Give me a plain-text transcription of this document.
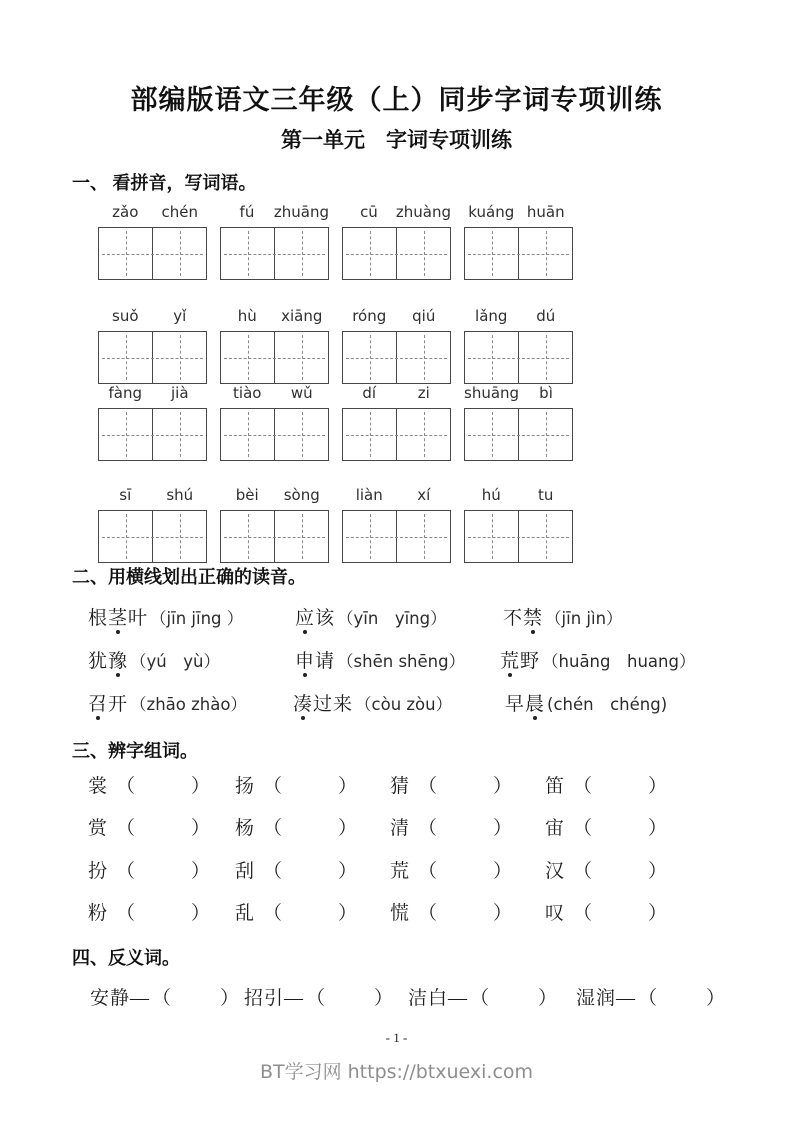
部编版语文三年级（上）同步字词专项训练
第一单元　字词专项训练
一、 看拼音，写词语。
zǎo	chén	fú	zhuāng	cū	zhuàng kuáng huān
suǒ	yǐ	hù	xiāng	róng	qiú	lǎng	dú
fàng	jià	tiào	wǔ	dí	zi	shuāng	bì
sī	shú	bèi	sòng	liàn	xí	hú	tu
二、用横线划出正确的读音。
根茎叶 （jīn jīng ）	应该 （yīn　yīng）	不禁 （jīn jìn）
犹豫 （yú　yù）	申请 （shēn shēng） 荒野 （huāng　huang）
召开 （zhāo zhào） 凑过来 （còu zòu）	早晨 (chén　chéng)
三、辨字组词。
裳 （	） 扬 （	） 猜 （	） 笛 （	）
赏 （	） 杨 （	） 清 （	） 宙 （	）
扮 （	） 刮 （	） 荒 （	） 汉 （	）
粉 （	） 乱 （	） 慌 （	） 叹 （	）
四、反义词。
安静— （	） 招引— （	） 洁白— （	） 湿润— （	）
- 1 -
BT学习网 https://btxuexi.com
